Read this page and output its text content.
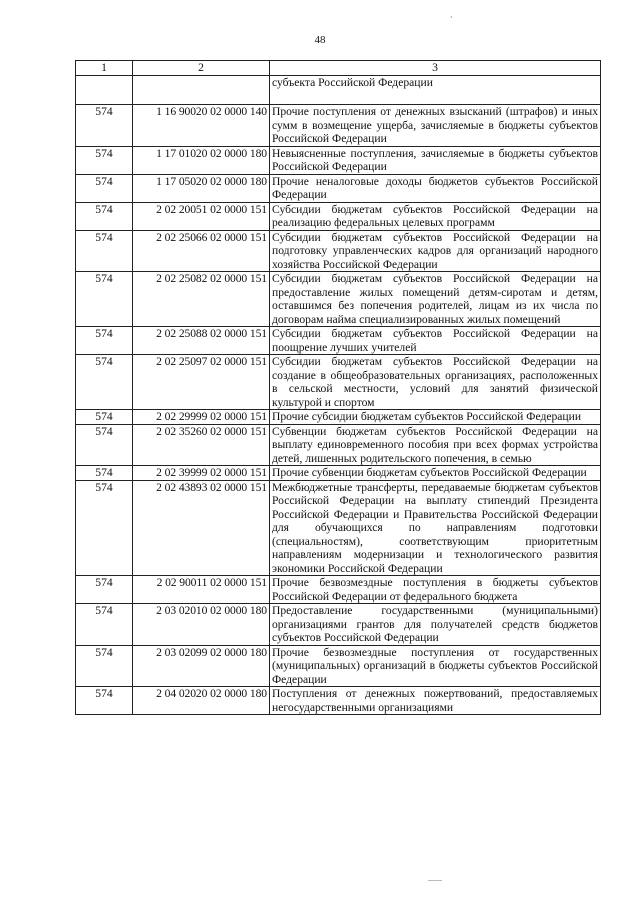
`
48
1	2	3
		субъекта Российской Федерации
574	1 16 90020 02 0000 140	Прочие поступления от денежных взысканий (штрафов) и иных сумм в возмещение ущерба, зачисляемые в бюджеты субъектов Российской Федерации
574	1 17 01020 02 0000 180	Невыясненные поступления, зачисляемые в бюджеты субъектов Российской Федерации
574	1 17 05020 02 0000 180	Прочие неналоговые доходы бюджетов субъектов Российской Федерации
574	2 02 20051 02 0000 151	Субсидии бюджетам субъектов Российской Федерации на реализацию федеральных целевых программ
574	2 02 25066 02 0000 151	Субсидии бюджетам субъектов Российской Федерации на подготовку управленческих кадров для организаций народного хозяйства Российской Федерации
574	2 02 25082 02 0000 151	Субсидии бюджетам субъектов Российской Федерации на предоставление жилых помещений детям-сиротам и детям, оставшимся без попечения родителей, лицам из их числа по договорам найма специализированных жилых помещений
574	2 02 25088 02 0000 151	Субсидии бюджетам субъектов Российской Федерации на поощрение лучших учителей
574	2 02 25097 02 0000 151	Субсидии бюджетам субъектов Российской Федерации на создание в общеобразовательных организациях, расположенных в сельской местности, условий для занятий физической культурой и спортом
574	2 02 29999 02 0000 151	Прочие субсидии бюджетам субъектов Российской Федерации
574	2 02 35260 02 0000 151	Субвенции бюджетам субъектов Российской Федерации на выплату единовременного пособия при всех формах устройства детей, лишенных родительского попечения, в семью
574	2 02 39999 02 0000 151	Прочие субвенции бюджетам субъектов Российской Федерации
574	2 02 43893 02 0000 151	Межбюджетные трансферты, передаваемые бюджетам субъектов Российской Федерации на выплату стипендий Президента Российской Федерации и Правительства Российской Федерации для обучающихся по направлениям подготовки (специальностям), соответствующим приоритетным направлениям модернизации и технологического развития экономики Российской Федерации
574	2 02 90011 02 0000 151	Прочие безвозмездные поступления в бюджеты субъектов Российской Федерации от федерального бюджета
574	2 03 02010 02 0000 180	Предоставление государственными (муниципальными) организациями грантов для получателей средств бюджетов субъектов Российской Федерации
574	2 03 02099 02 0000 180	Прочие безвозмездные поступления от государственных (муниципальных) организаций в бюджеты субъектов Российской Федерации
574	2 04 02020 02 0000 180	Поступления от денежных пожертвований, предоставляемых негосударственными организациями
